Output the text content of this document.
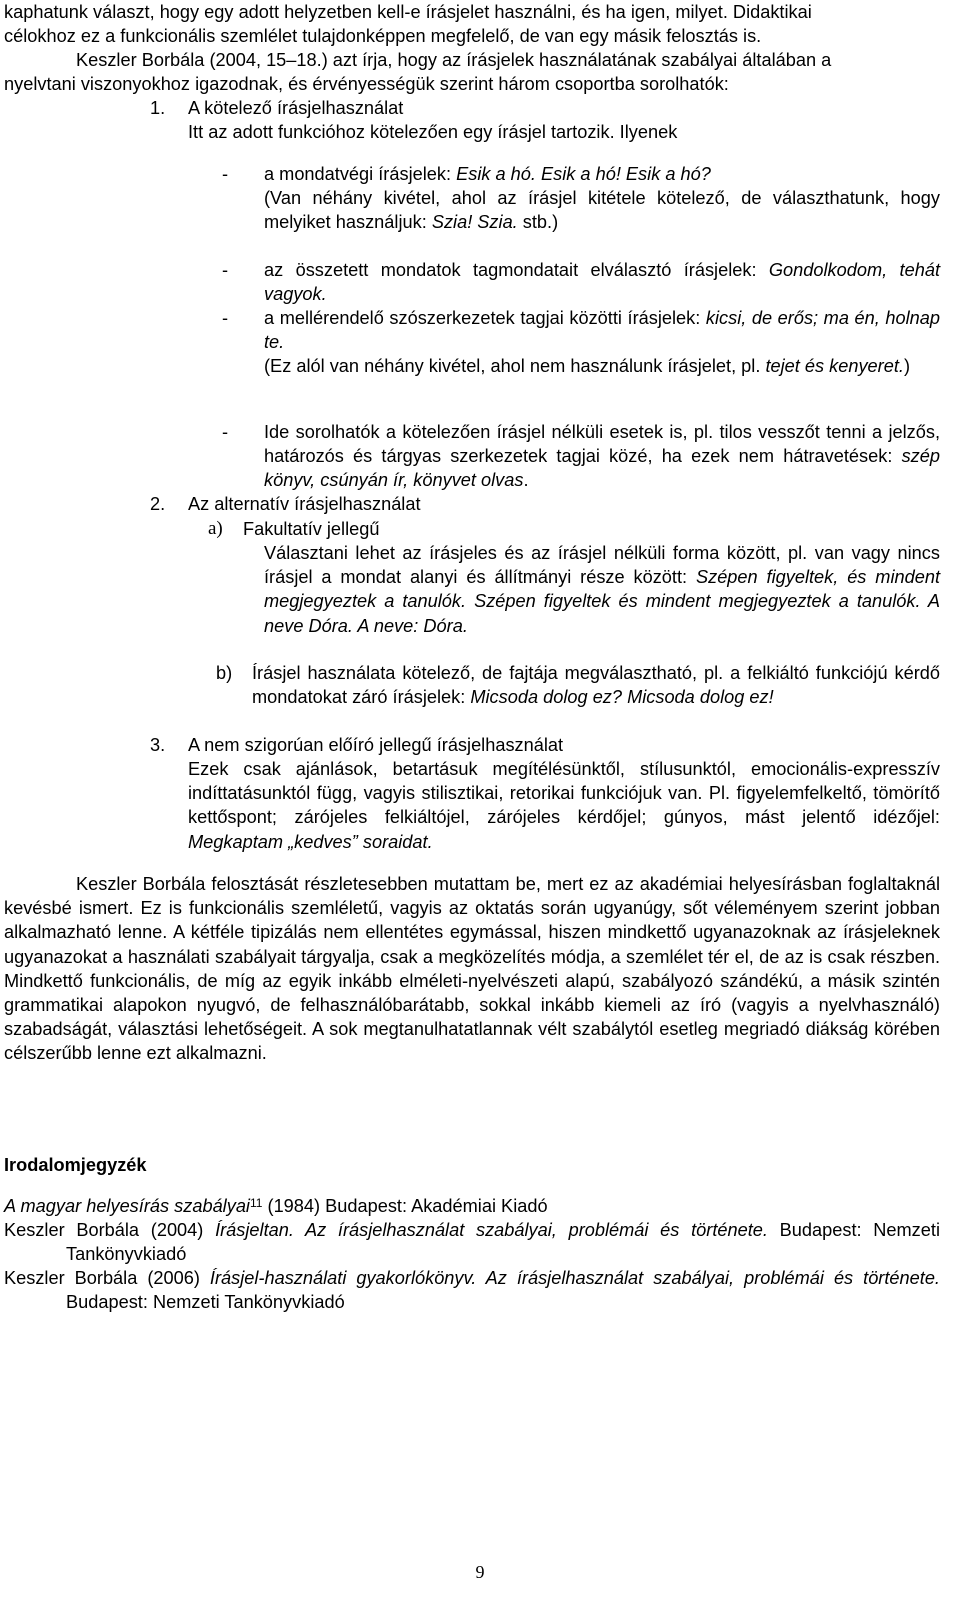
kaphatunk választ, hogy egy adott helyzetben kell-e írásjelet használni, és ha igen, milyet. Didaktikai
célokhoz ez a funkcionális szemlélet tulajdonképpen megfelelő, de van egy másik felosztás is.
Keszler Borbála (2004, 15–18.) azt írja, hogy az írásjelek használatának szabályai általában a
nyelvtani viszonyokhoz igazodnak, és érvényességük szerint három csoportba sorolhatók:
1. A kötelező írásjelhasználat
Itt az adott funkcióhoz kötelezően egy írásjel tartozik. Ilyenek
- a mondatvégi írásjelek: Esik a hó. Esik a hó! Esik a hó?

(Van néhány kivétel, ahol az írásjel kitétele kötelező, de választhatunk, hogy melyiket használjuk: Szia! Szia. stb.)

- az összetett mondatok tagmondatait elválasztó írásjelek: Gondolkodom, tehát vagyok.

- a mellérendelő szószerkezetek tagjai közötti írásjelek: kicsi, de erős; ma én, holnap te.

(Ez alól van néhány kivétel, ahol nem használunk írásjelet, pl. tejet és kenyeret.)

- Ide sorolhatók a kötelezően írásjel nélküli esetek is, pl. tilos vesszőt tenni a jelzős, határozós és tárgyas szerkezetek tagjai közé, ha ezek nem hátravetések: szép könyv, csúnyán ír, könyvet olvas.

2. Az alternatív írásjelhasználat
a) Fakultatív jellegű

Választani lehet az írásjeles és az írásjel nélküli forma között, pl. van vagy nincs írásjel a mondat alanyi és állítmányi része között: Szépen figyeltek, és mindent megjegyeztek a tanulók. Szépen figyeltek és mindent megjegyeztek a tanulók. A neve Dóra. A neve: Dóra.

b) Írásjel használata kötelező, de fajtája megválasztható, pl. a felkiáltó funkciójú kérdő mondatokat záró írásjelek: Micsoda dolog ez? Micsoda dolog ez!

3. A nem szigorúan előíró jellegű írásjelhasználat

Ezek csak ajánlások, betartásuk megítélésünktől, stílusunktól, emocionális-expresszív indíttatásunktól függ, vagyis stilisztikai, retorikai funkciójuk van. Pl. figyelemfelkeltő, tömörítő kettőspont; zárójeles felkiáltójel, zárójeles kérdőjel; gúnyos, mást jelentő idézőjel: Megkaptam „kedves” soraidat.

Keszler Borbála felosztását részletesebben mutattam be, mert ez az akadémiai helyesírásban foglaltaknál kevésbé ismert. Ez is funkcionális szemléletű, vagyis az oktatás során ugyanúgy, sőt véleményem szerint jobban alkalmazható lenne. A kétféle tipizálás nem ellentétes egymással, hiszen mindkettő ugyanazoknak az írásjeleknek ugyanazokat a használati szabályait tárgyalja, csak a megközelítés módja, a szemlélet tér el, de az is csak részben. Mindkettő funkcionális, de míg az egyik inkább elméleti-nyelvészeti alapú, szabályozó szándékú, a másik szintén grammatikai alapokon nyugvó, de felhasználóbarátabb, sokkal inkább kiemeli az író (vagyis a nyelvhasználó) szabadságát, választási lehetőségeit. A sok megtanulhatatlannak vélt szabálytól esetleg megriadó diákság körében célszerűbb lenne ezt alkalmazni.

Irodalomjegyzék

A magyar helyesírás szabályai$^{11}$ (1984) Budapest: Akadémiai Kiadó

Keszler Borbála (2004) Írásjeltan. Az írásjelhasználat szabályai, problémái és története. Budapest: Nemzeti Tankönyvkiadó

Keszler Borbála (2006) Írásjel-használati gyakorlókönyv. Az írásjelhasználat szabályai, problémái és története. Budapest: Nemzeti Tankönyvkiadó

9
